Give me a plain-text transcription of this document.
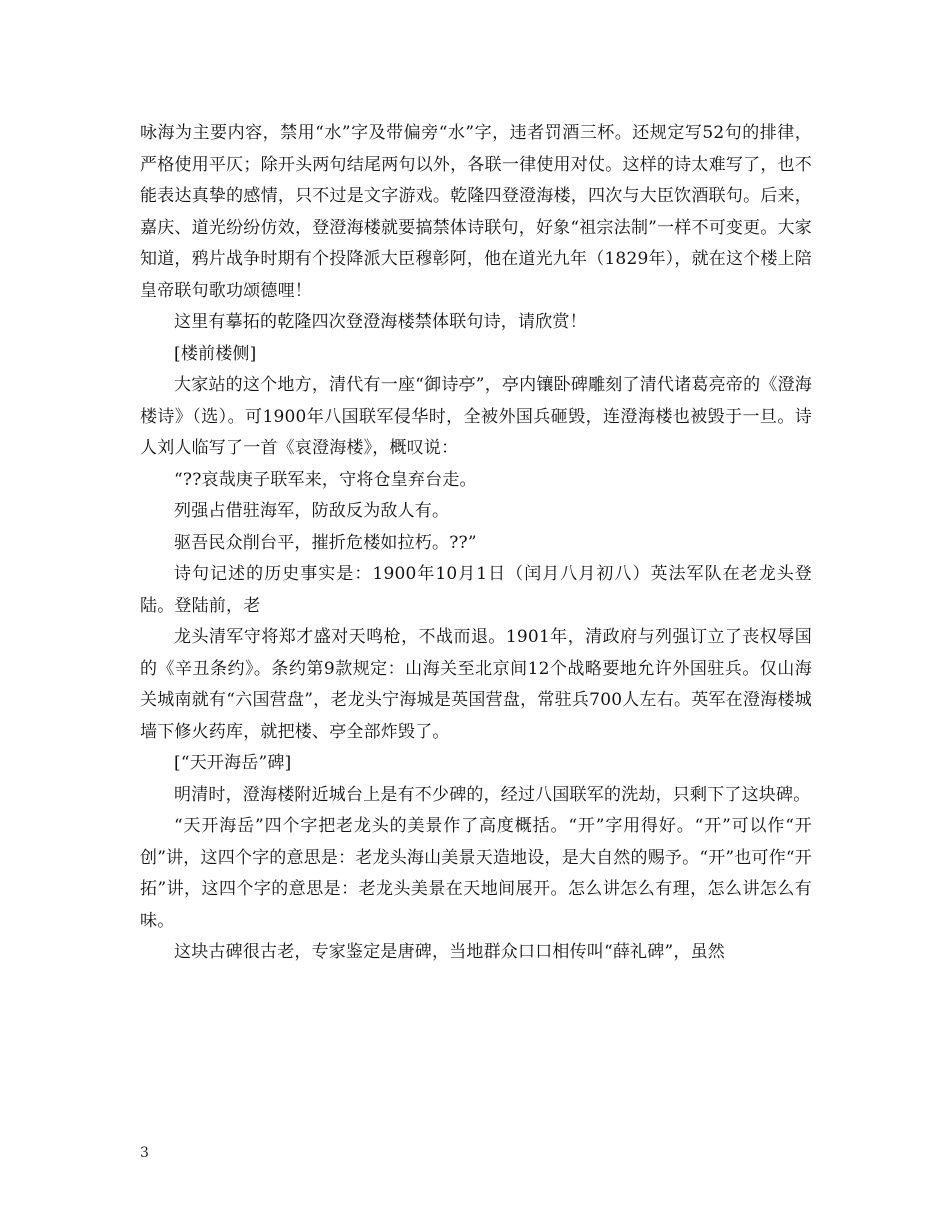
咏海为主要内容，禁用“水”字及带偏旁“水”字，违者罚酒三杯。还规定写52句的排律，严格使用平仄；除开头两句结尾两句以外，各联一律使用对仗。这样的诗太难写了，也不能表达真挚的感情，只不过是文字游戏。乾隆四登澄海楼，四次与大臣饮酒联句。后来，嘉庆、道光纷纷仿效，登澄海楼就要搞禁体诗联句，好象“祖宗法制”一样不可变更。大家知道，鸦片战争时期有个投降派大臣穆彰阿，他在道光九年（1829年），就在这个楼上陪皇帝联句歌功颂德哩！

这里有摹拓的乾隆四次登澄海楼禁体联句诗，请欣赏！

[楼前楼侧]

大家站的这个地方，清代有一座“御诗亭”，亭内镶卧碑雕刻了清代诸葛亮帝的《澄海楼诗》（选）。可1900年八国联军侵华时，全被外国兵砸毁，连澄海楼也被毁于一旦。诗人刘人临写了一首《哀澄海楼》，概叹说：

“??哀哉庚子联军来，守将仓皇弃台走。

列强占借驻海军，防敌反为敌人有。

驱吾民众削台平，摧折危楼如拉朽。??”

诗句记述的历史事实是：1900年10月1日（闰月八月初八）英法军队在老龙头登陆。登陆前，老

龙头清军守将郑才盛对天鸣枪，不战而退。1901年，清政府与列强订立了丧权辱国的《辛丑条约》。条约第9款规定：山海关至北京间12个战略要地允许外国驻兵。仅山海关城南就有“六国营盘”，老龙头宁海城是英国营盘，常驻兵700人左右。英军在澄海楼城墙下修火药库，就把楼、亭全部炸毁了。

[“天开海岳”碑]

明清时，澄海楼附近城台上是有不少碑的，经过八国联军的洗劫，只剩下了这块碑。

“天开海岳”四个字把老龙头的美景作了高度概括。“开”字用得好。“开”可以作“开创”讲，这四个字的意思是：老龙头海山美景天造地设，是大自然的赐予。“开”也可作“开拓”讲，这四个字的意思是：老龙头美景在天地间展开。怎么讲怎么有理，怎么讲怎么有味。

这块古碑很古老，专家鉴定是唐碑，当地群众口口相传叫“薛礼碑”，虽然

3
